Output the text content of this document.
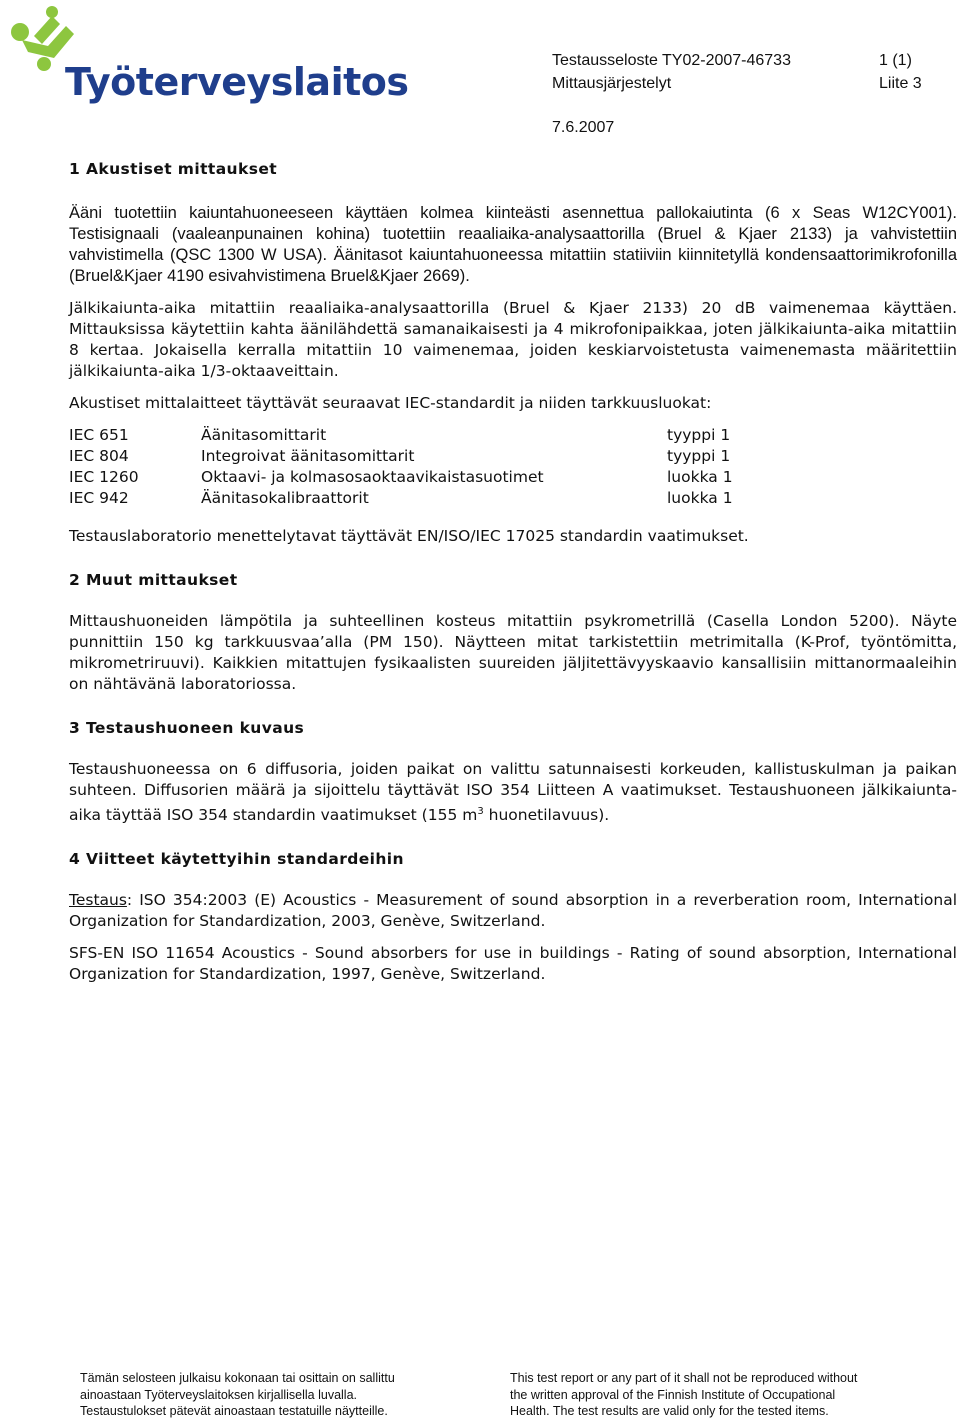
Työterveyslaitos	Testausseloste TY02-2007-46733	1 (1)
Mittausjärjestelyt	Liite 3
7.6.2007
1 Akustiset mittaukset

Ääni tuotettiin kaiuntahuoneeseen käyttäen kolmea kiinteästi asennettua pallokaiutinta (6 x Seas W12CY001). Testisignaali (vaaleanpunainen kohina) tuotettiin reaaliaika-analysaattorilla (Bruel & Kjaer 2133) ja vahvistettiin vahvistimella (QSC 1300 W USA). Äänitasot kaiuntahuoneessa mitattiin statiiviin kiinnitetyllä kondensaattorimikrofonilla (Bruel&Kjaer 4190 esivahvistimena Bruel&Kjaer 2669).

Jälkikaiunta-aika mitattiin reaaliaika-analysaattorilla (Bruel & Kjaer 2133) 20 dB vaimenemaa käyttäen. Mittauksissa käytettiin kahta äänilähdettä samanaikaisesti ja 4 mikrofonipaikkaa, joten jälkikaiunta-aika mitattiin 8 kertaa. Jokaisella kerralla mitattiin 10 vaimenemaa, joiden keskiarvoistetusta vaimenemasta määritettiin jälkikaiunta-aika 1/3-oktaaveittain.

Akustiset mittalaitteet täyttävät seuraavat IEC-standardit ja niiden tarkkuusluokat:

IEC 651	Äänitasomittarit	tyyppi 1
IEC 804	Integroivat äänitasomittarit	tyyppi 1
IEC 1260	Oktaavi- ja kolmasosaoktaavikaistasuotimet	luokka 1
IEC 942	Äänitasokalibraattorit	luokka 1

Testauslaboratorio menettelytavat täyttävät EN/ISO/IEC 17025 standardin vaatimukset.

2 Muut mittaukset

Mittaushuoneiden lämpötila ja suhteellinen kosteus mitattiin psykrometrillä (Casella London 5200). Näyte punnittiin 150 kg tarkkuusvaa’alla (PM 150). Näytteen mitat tarkistettiin metrimitalla (K-Prof, työntömitta, mikrometriruuvi). Kaikkien mitattujen fysikaalisten suureiden jäljitettävyyskaavio kansallisiin mittanormaaleihin on nähtävänä laboratoriossa.

3 Testaushuoneen kuvaus

Testaushuoneessa on 6 diffusoria, joiden paikat on valittu satunnaisesti korkeuden, kallistuskulman ja paikan suhteen. Diffusorien määrä ja sijoittelu täyttävät ISO 354 Liitteen A vaatimukset. Testaushuoneen jälkikaiunta-aika täyttää ISO 354 standardin vaatimukset (155 $m^3$ huonetilavuus).

4 Viitteet käytettyihin standardeihin

Testaus: ISO 354:2003 (E) Acoustics - Measurement of sound absorption in a reverberation room, International Organization for Standardization, 2003, Genève, Switzerland.

SFS-EN ISO 11654 Acoustics - Sound absorbers for use in buildings - Rating of sound absorption, International Organization for Standardization, 1997, Genève, Switzerland.

Tämän selosteen julkaisu kokonaan tai osittain on sallittu
ainoastaan Työterveyslaitoksen kirjallisella luvalla.
Testaustulokset pätevät ainoastaan testatuille näytteille.
This test report or any part of it shall not be reproduced without
the written approval of the Finnish Institute of Occupational
Health. The test results are valid only for the tested items.
